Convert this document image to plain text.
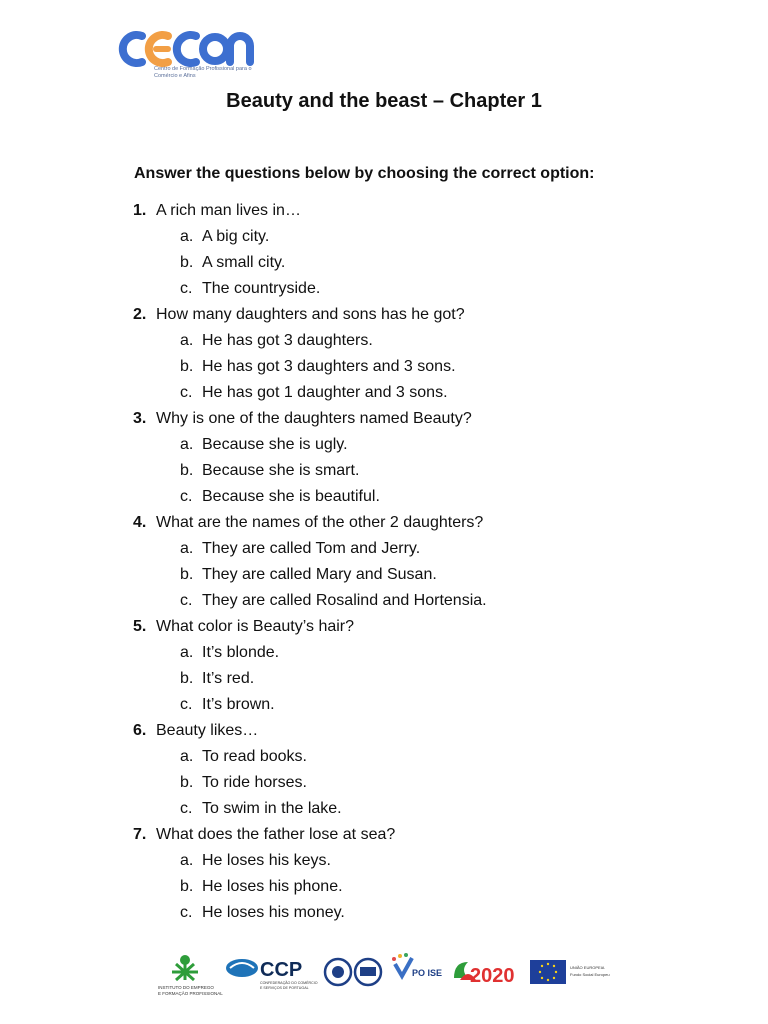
Centro de Formação Profissional para o Comércio e Afins
Beauty and the beast – Chapter 1
Answer the questions below by choosing the correct option:
1. A rich man lives in…
a. A big city.
b. A small city.
c. The countryside.
2. How many daughters and sons has he got?
a. He has got 3 daughters.
b. He has got 3 daughters and 3 sons.
c. He has got 1 daughter and 3 sons.
3. Why is one of the daughters named Beauty?
a. Because she is ugly.
b. Because she is smart.
c. Because she is beautiful.
4. What are the names of the other 2 daughters?
a. They are called Tom and Jerry.
b. They are called Mary and Susan.
c. They are called Rosalind and Hortensia.
5. What color is Beauty’s hair?
a. It’s blonde.
b. It’s red.
c. It’s brown.
6. Beauty likes…
a. To read books.
b. To ride horses.
c. To swim in the lake.
7. What does the father lose at sea?
a. He loses his keys.
b. He loses his phone.
c. He loses his money.
INSTITUTO DO EMPREGO
E FORMAÇÃO PROFISSIONAL
CCP
CONFEDERAÇÃO DO COMÉRCIO
E SERVIÇOS DE PORTUGAL
PO ISE 2020	UNIÃO EUROPEIA
Fundo Social Europeu
